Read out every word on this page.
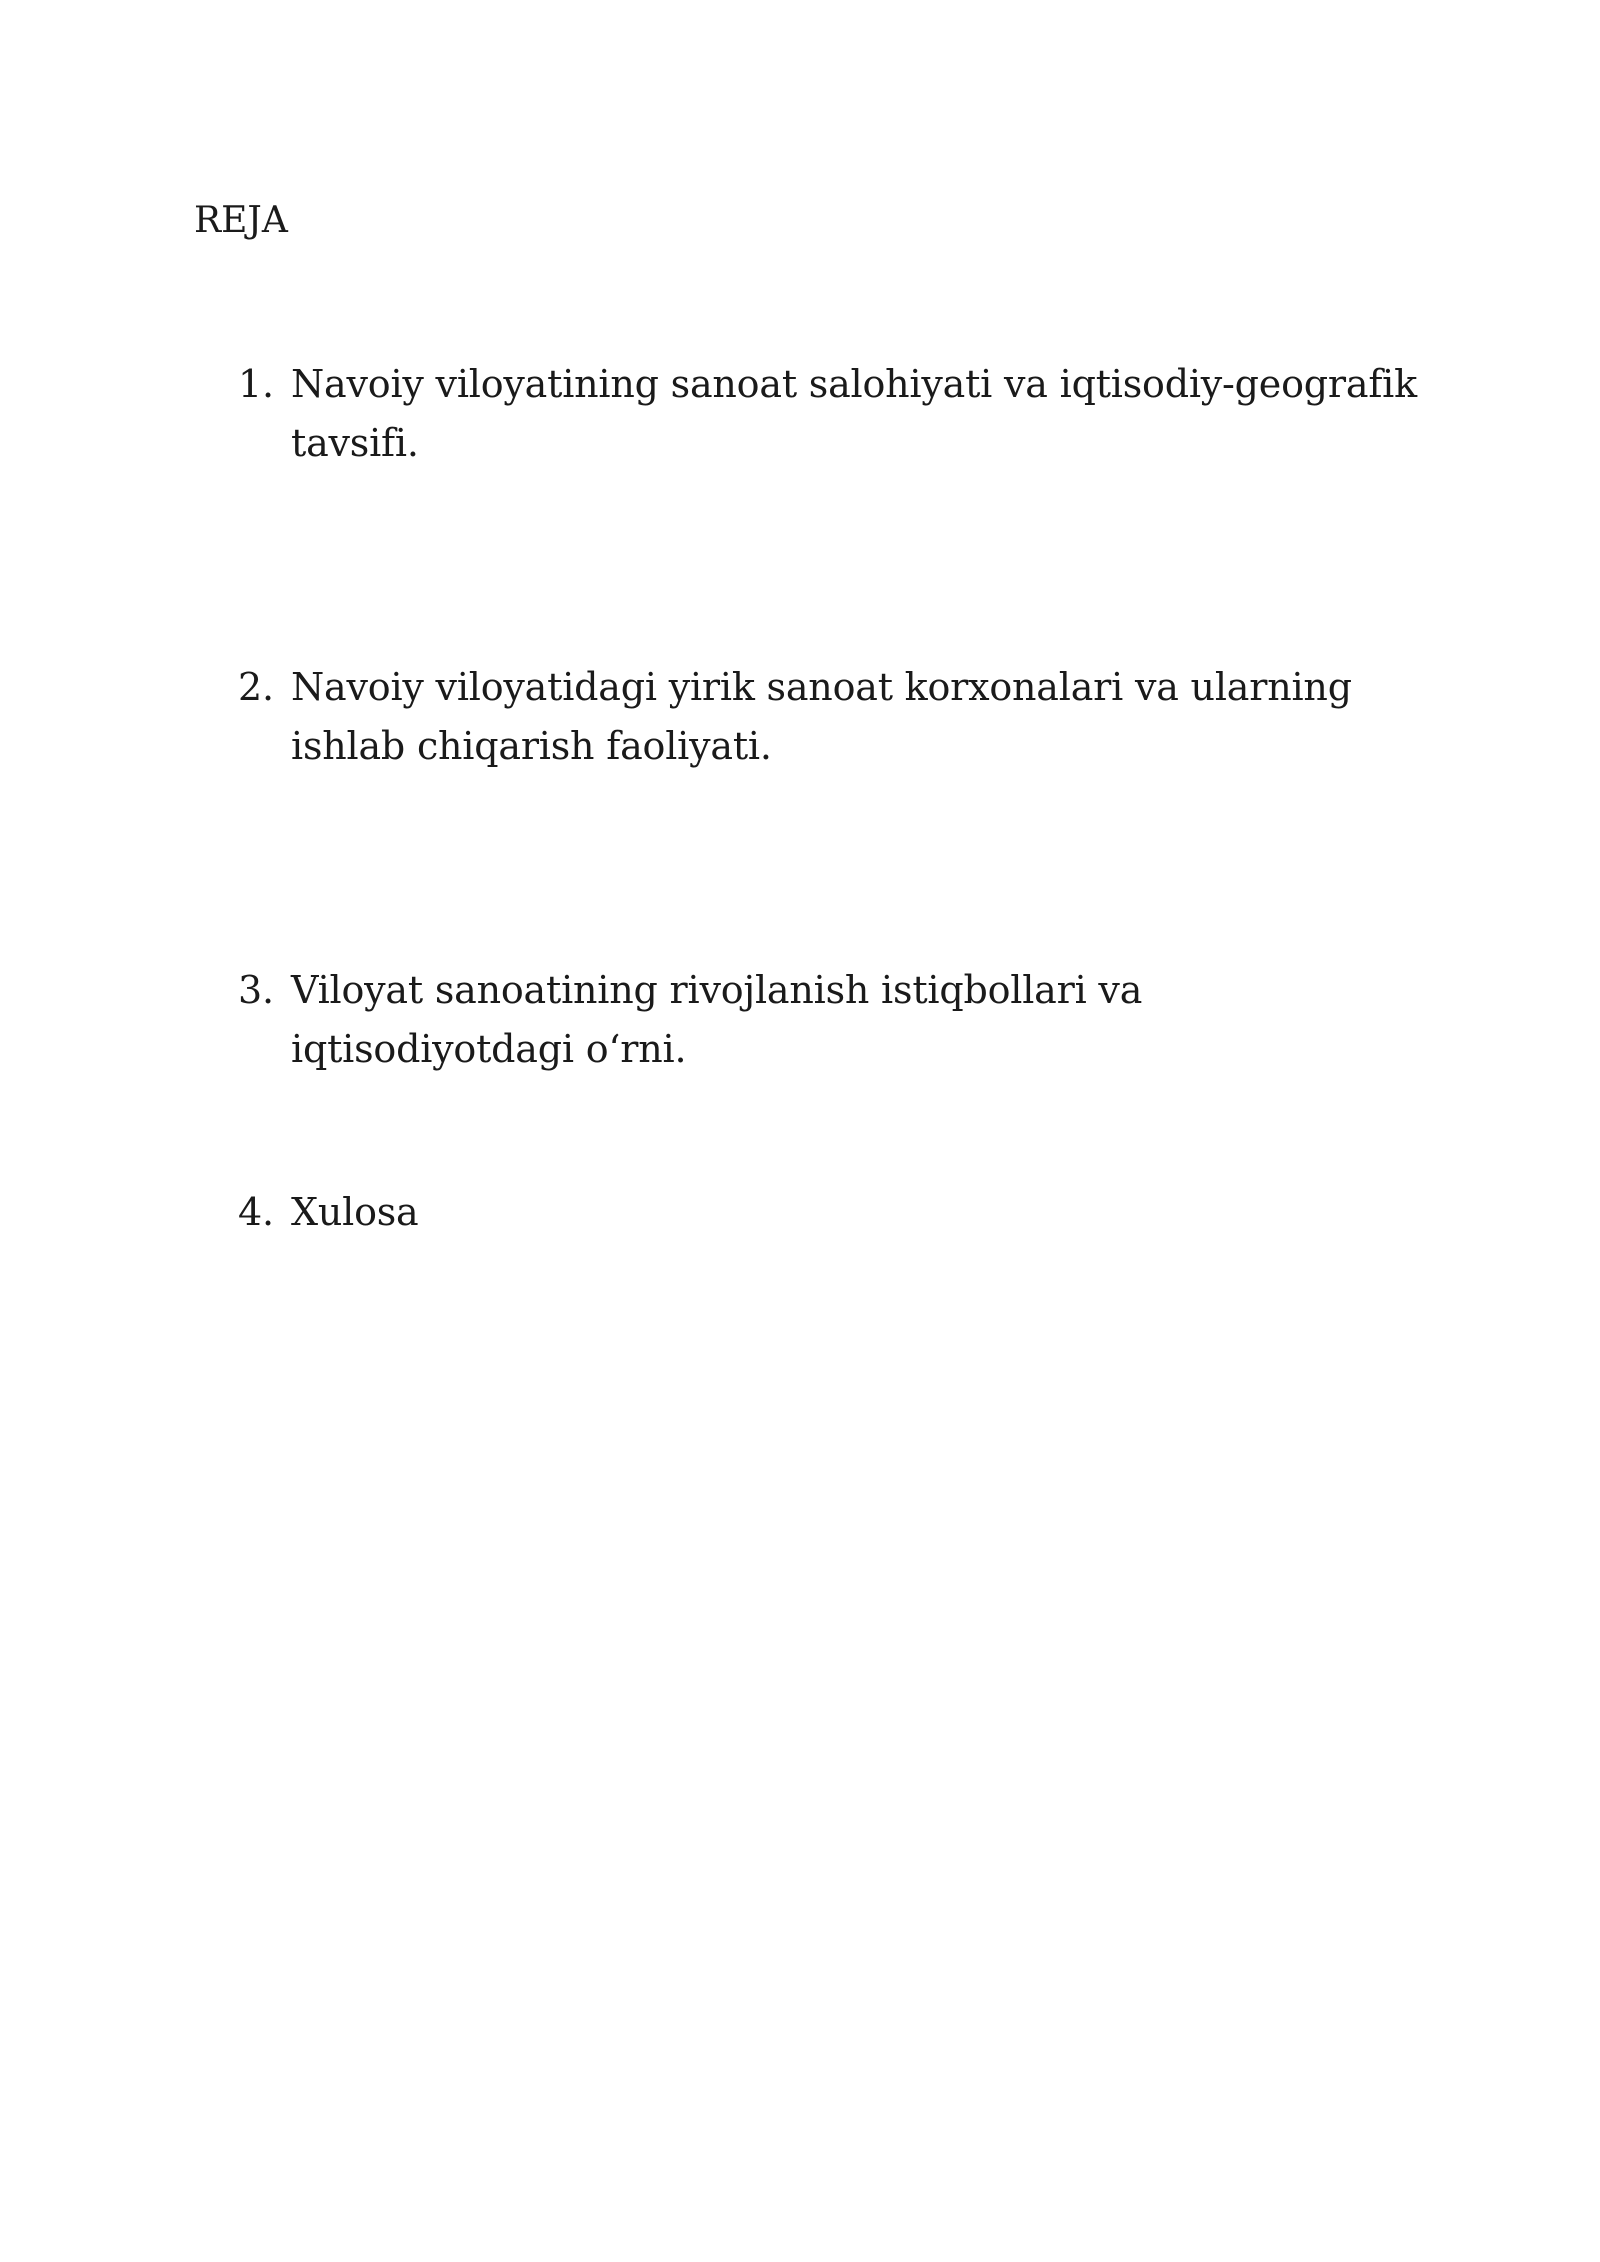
REJA
1. Navoiy viloyatining sanoat salohiyati va iqtisodiy-geografik tavsifi.
2. Navoiy viloyatidagi yirik sanoat korxonalari va ularning ishlab chiqarish faoliyati.
3. Viloyat sanoatining rivojlanish istiqbollari va iqtisodiyotdagi o‘rni.
4. Xulosa
